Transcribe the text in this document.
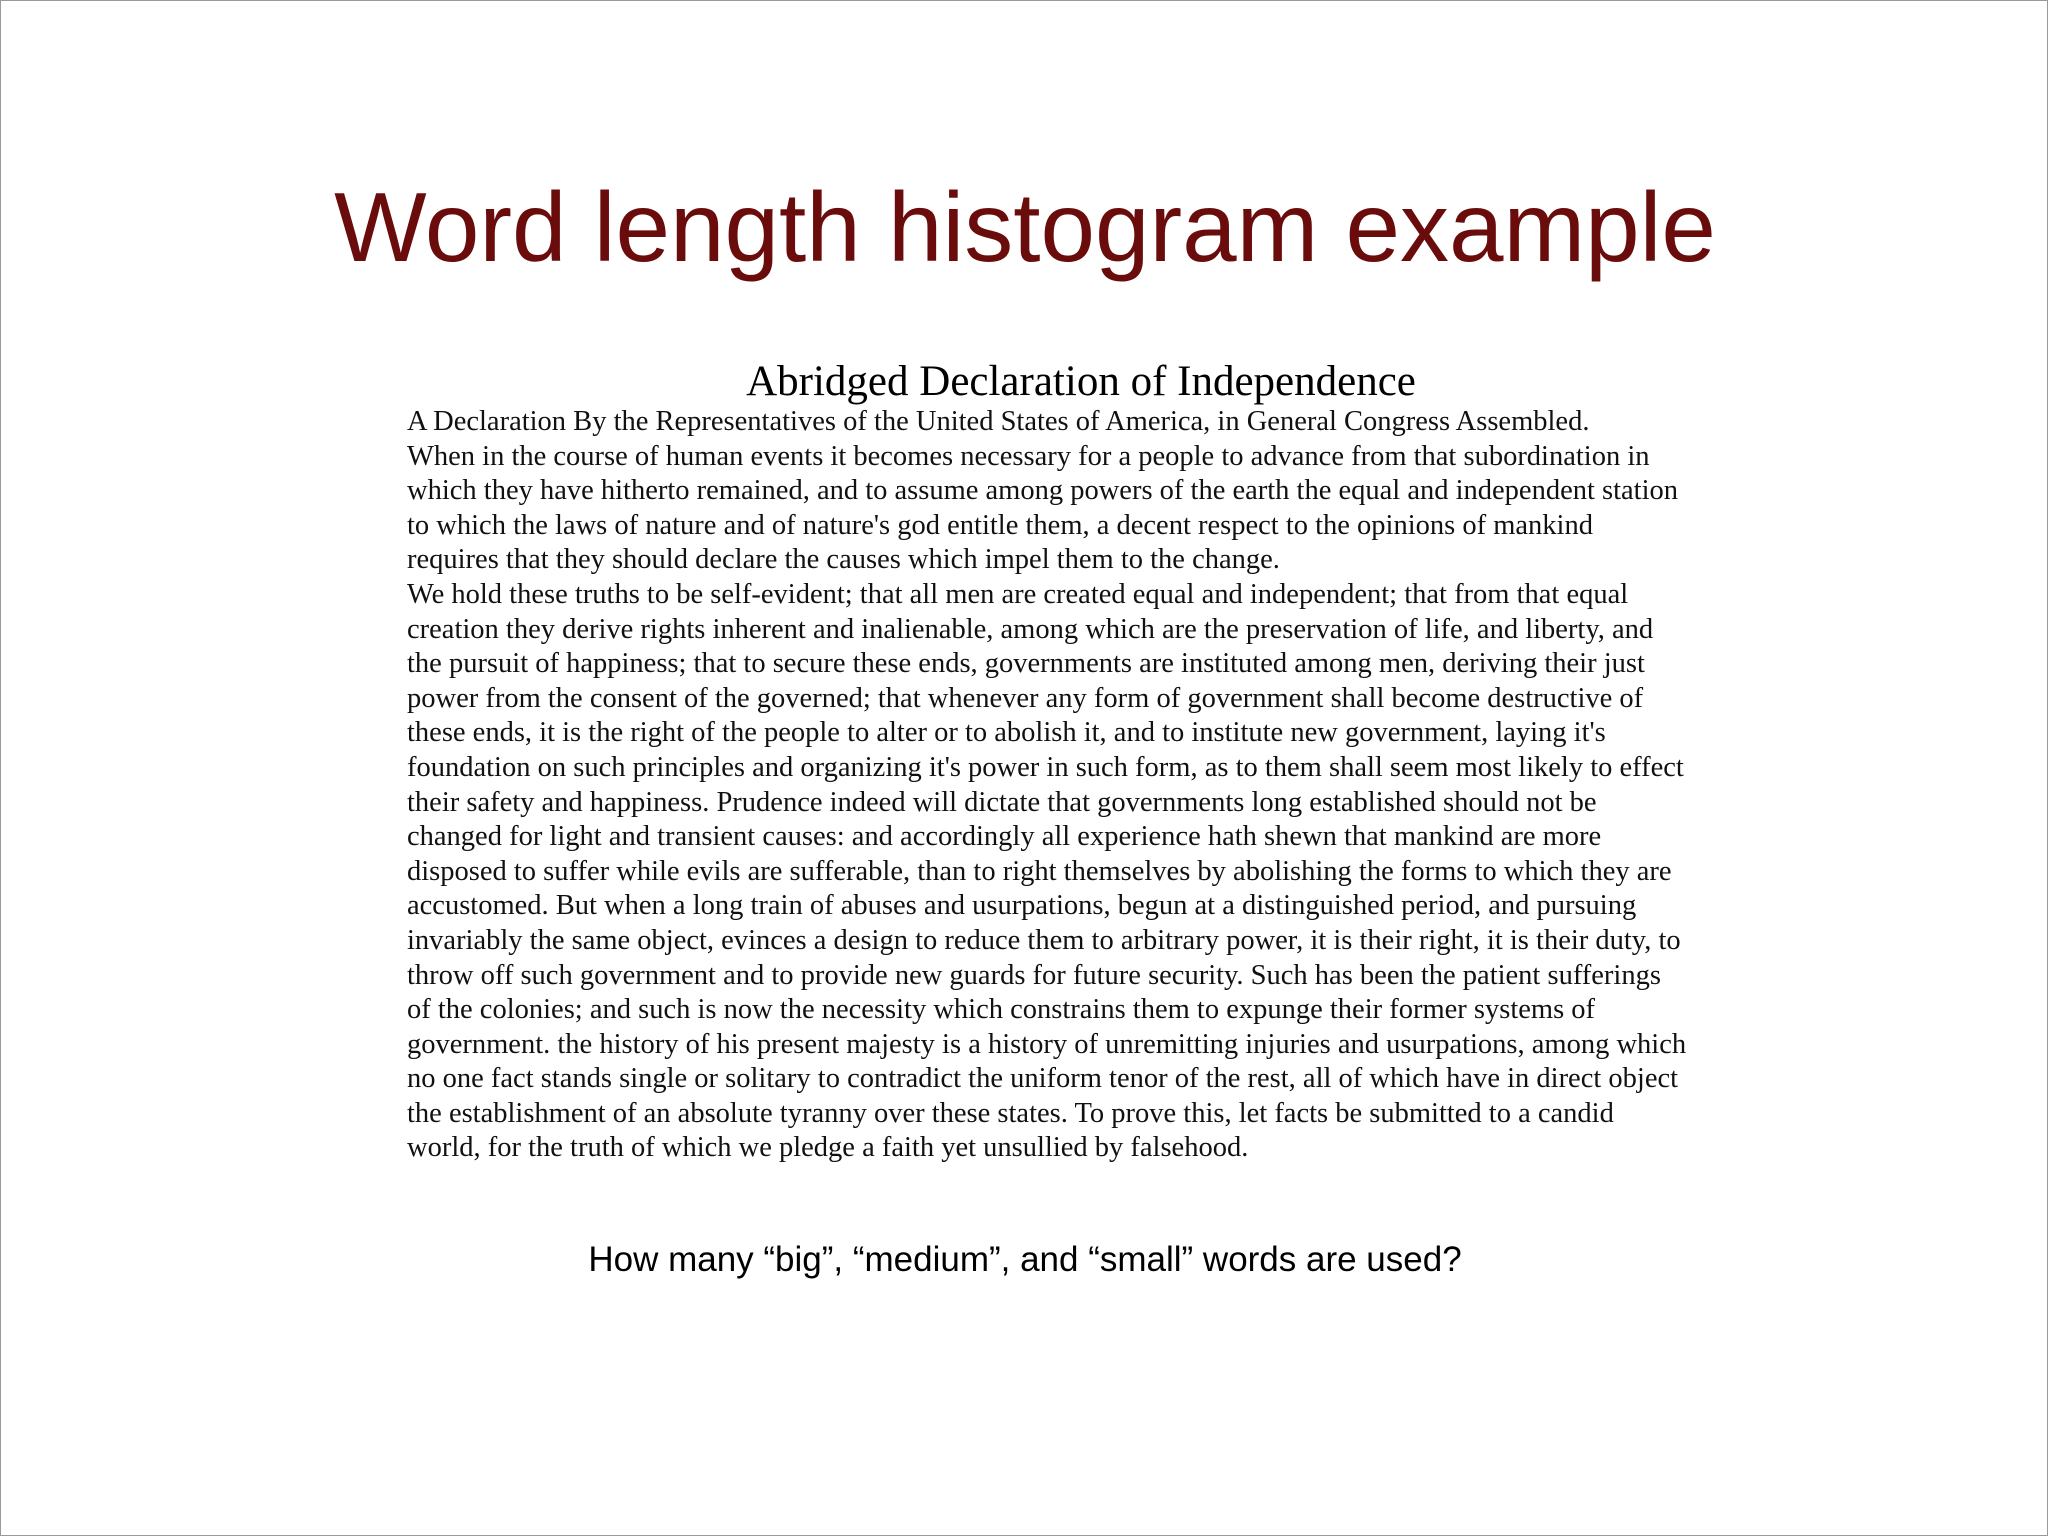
Word length histogram example
Abridged Declaration of Independence
A Declaration By the Representatives of the United States of America, in General Congress Assembled.
When in the course of human events it becomes necessary for a people to advance from that subordination in
which they have hitherto remained, and to assume among powers of the earth the equal and independent station
to which the laws of nature and of nature's god entitle them, a decent respect to the opinions of mankind
requires that they should declare the causes which impel them to the change.
We hold these truths to be self-evident; that all men are created equal and independent; that from that equal
creation they derive rights inherent and inalienable, among which are the preservation of life, and liberty, and
the pursuit of happiness; that to secure these ends, governments are instituted among men, deriving their just
power from the consent of the governed; that whenever any form of government shall become destructive of
these ends, it is the right of the people to alter or to abolish it, and to institute new government, laying it's
foundation on such principles and organizing it's power in such form, as to them shall seem most likely to effect
their safety and happiness. Prudence indeed will dictate that governments long established should not be
changed for light and transient causes: and accordingly all experience hath shewn that mankind are more
disposed to suffer while evils are sufferable, than to right themselves by abolishing the forms to which they are
accustomed. But when a long train of abuses and usurpations, begun at a distinguished period, and pursuing
invariably the same object, evinces a design to reduce them to arbitrary power, it is their right, it is their duty, to
throw off such government and to provide new guards for future security. Such has been the patient sufferings
of the colonies; and such is now the necessity which constrains them to expunge their former systems of
government. the history of his present majesty is a history of unremitting injuries and usurpations, among which
no one fact stands single or solitary to contradict the uniform tenor of the rest, all of which have in direct object
the establishment of an absolute tyranny over these states. To prove this, let facts be submitted to a candid
world, for the truth of which we pledge a faith yet unsullied by falsehood.
How many “big”, “medium”, and “small” words are used?
